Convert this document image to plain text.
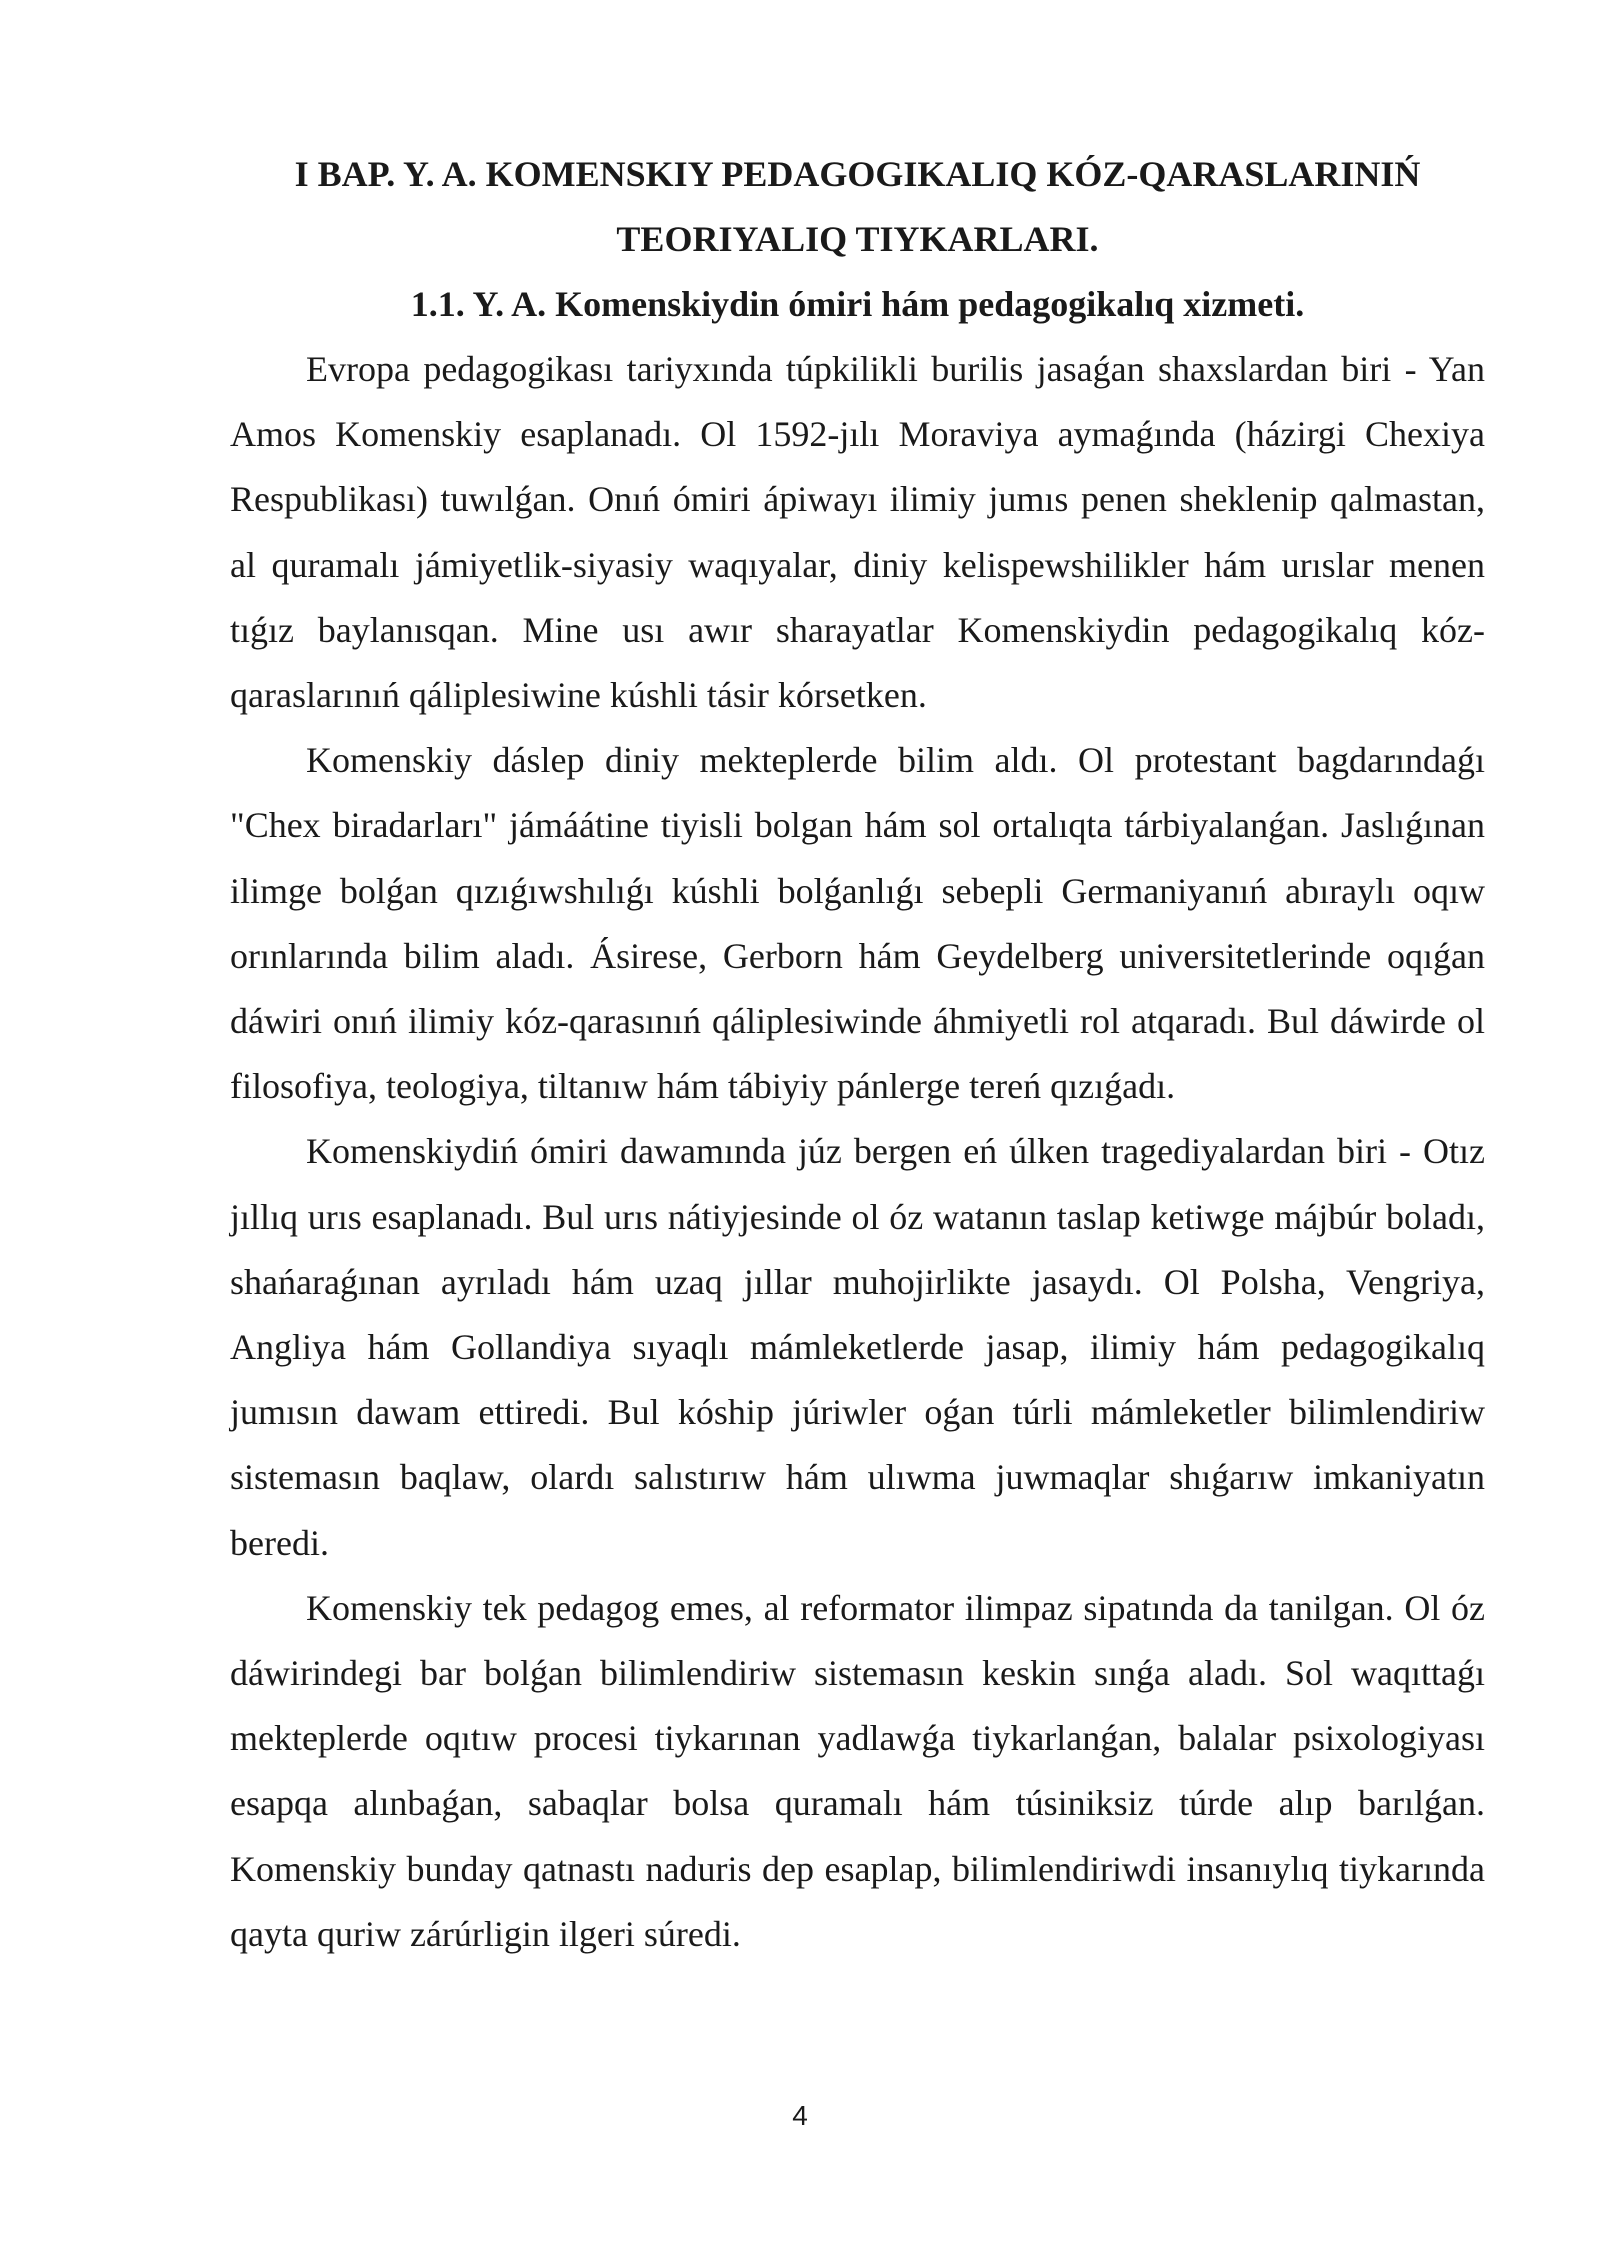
I BAP. Y. A. KOMENSKIY PEDAGOGIKALIQ KÓZ-QARASLARINIŃ
TEORIYALIQ TIYKARLARI.
1.1. Y. A. Komenskiydin ómiri hám pedagogikalıq xizmeti.

Evropa pedagogikası tariyxında túpkilikli burilis jasaǵan shaxslardan biri - Yan Amos Komenskiy esaplanadı. Ol 1592-jılı Moraviya aymaǵında (házirgi Chexiya Respublikası) tuwılǵan. Onıń ómiri ápiwayı ilimiy jumıs penen sheklenip qalmastan, al quramalı jámiyetlik-siyasiy waqıyalar, diniy kelispewshilikler hám urıslar menen tıǵız baylanısqan. Mine usı awır sharayatlar Komenskiydin pedagogikalıq kóz-qaraslarınıń qáliplesiwine kúshli tásir kórsetken.

Komenskiy dáslep diniy mekteplerde bilim aldı. Ol protestant bagdarındaǵı "Chex biradarları" jámáátine tiyisli bolgan hám sol ortalıqta tárbiyalanǵan. Jaslıǵınan ilimge bolǵan qızıǵıwshılıǵı kúshli bolǵanlıǵı sebepli Germaniyanıń abıraylı oqıw orınlarında bilim aladı. Ásirese, Gerborn hám Geydelberg universitetlerinde oqıǵan dáwiri onıń ilimiy kóz-qarasınıń qáliplesiwinde áhmiyetli rol atqaradı. Bul dáwirde ol filosofiya, teologiya, tiltanıw hám tábiyiy pánlerge tereń qızıǵadı.

Komenskiydiń ómiri dawamında júz bergen eń úlken tragediyalardan biri - Otız jıllıq urıs esaplanadı. Bul urıs nátiyjesinde ol óz watanın taslap ketiwge májbúr boladı, shańaraǵınan ayrıladı hám uzaq jıllar muhojirlikte jasaydı. Ol Polsha, Vengriya, Angliya hám Gollandiya sıyaqlı mámleketlerde jasap, ilimiy hám pedagogikalıq jumısın dawam ettiredi. Bul kóship júriwler oǵan túrli mámleketler bilimlendiriw sistemasın baqlaw, olardı salıstırıw hám ulıwma juwmaqlar shıǵarıw imkaniyatın beredi.

Komenskiy tek pedagog emes, al reformator ilimpaz sipatında da tanilgan. Ol óz dáwirindegi bar bolǵan bilimlendiriw sistemasın keskin sınǵa aladı. Sol waqıttaǵı mekteplerde oqıtıw procesi tiykarınan yadlawǵa tiykarlanǵan, balalar psixologiyası esapqa alınbaǵan, sabaqlar bolsa quramalı hám túsiniksiz túrde alıp barılǵan. Komenskiy bunday qatnastı naduris dep esaplap, bilimlendiriwdi insanıylıq tiykarında qayta quriw zárúrligin ilgeri súredi.

4
